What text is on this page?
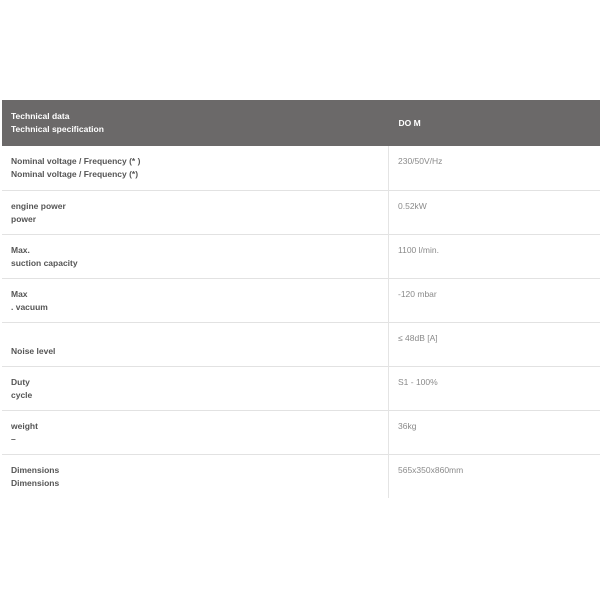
Technical data
Technical specification	DO M

Nominal voltage / Frequency (* )
Nominal voltage / Frequency (*)	230/50V/Hz

engine power
power	0.52kW

Max.
suction capacity	1100 l/min.

Max
. vacuum	-120 mbar

Noise level	≤ 48dB [A]

Duty
cycle	S1 - 100%

weight
–	36kg

Dimensions
Dimensions	565x350x860mm
